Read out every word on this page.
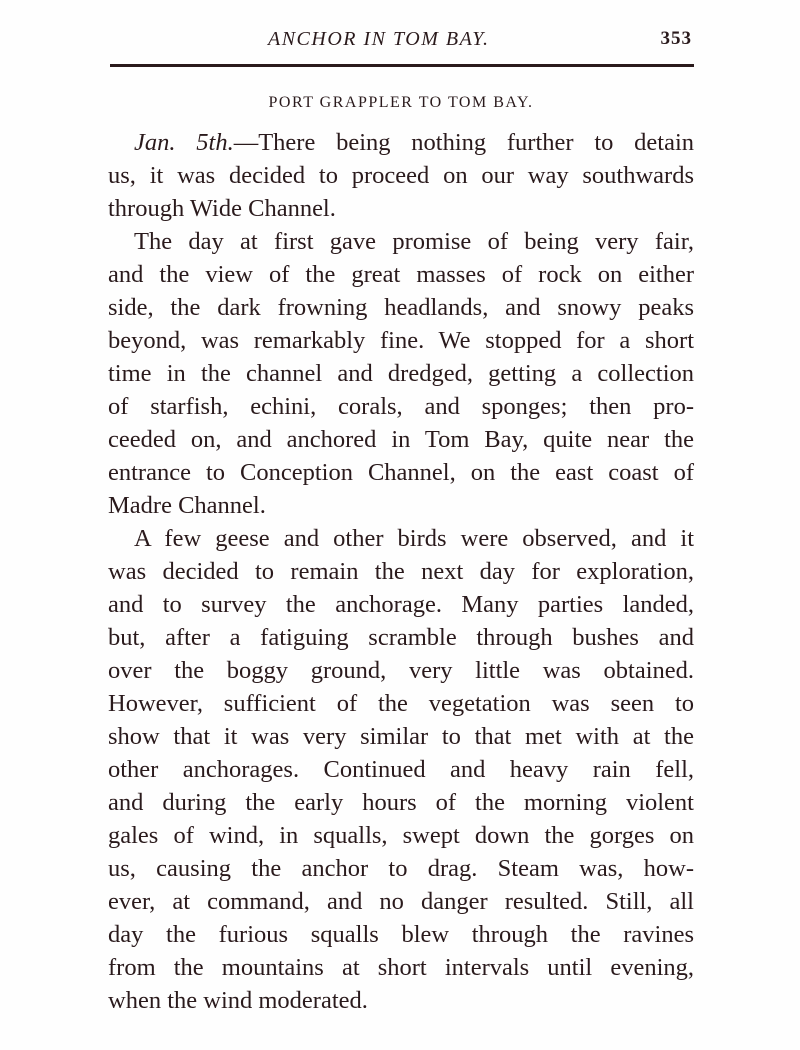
ANCHOR IN TOM BAY.	353
PORT GRAPPLER TO TOM BAY.
Jan. 5th.—There being nothing further to detain
us, it was decided to proceed on our way southwards
through Wide Channel.
The day at first gave promise of being very fair,
and the view of the great masses of rock on either
side, the dark frowning headlands, and snowy peaks
beyond, was remarkably fine. We stopped for a short
time in the channel and dredged, getting a collection
of starfish, echini, corals, and sponges; then pro-
ceeded on, and anchored in Tom Bay, quite near the
entrance to Conception Channel, on the east coast of
Madre Channel.
A few geese and other birds were observed, and it
was decided to remain the next day for exploration,
and to survey the anchorage. Many parties landed,
but, after a fatiguing scramble through bushes and
over the boggy ground, very little was obtained.
However, sufficient of the vegetation was seen to
show that it was very similar to that met with at the
other anchorages. Continued and heavy rain fell,
and during the early hours of the morning violent
gales of wind, in squalls, swept down the gorges on
us, causing the anchor to drag. Steam was, how-
ever, at command, and no danger resulted. Still, all
day the furious squalls blew through the ravines
from the mountains at short intervals until evening,
when the wind moderated.
